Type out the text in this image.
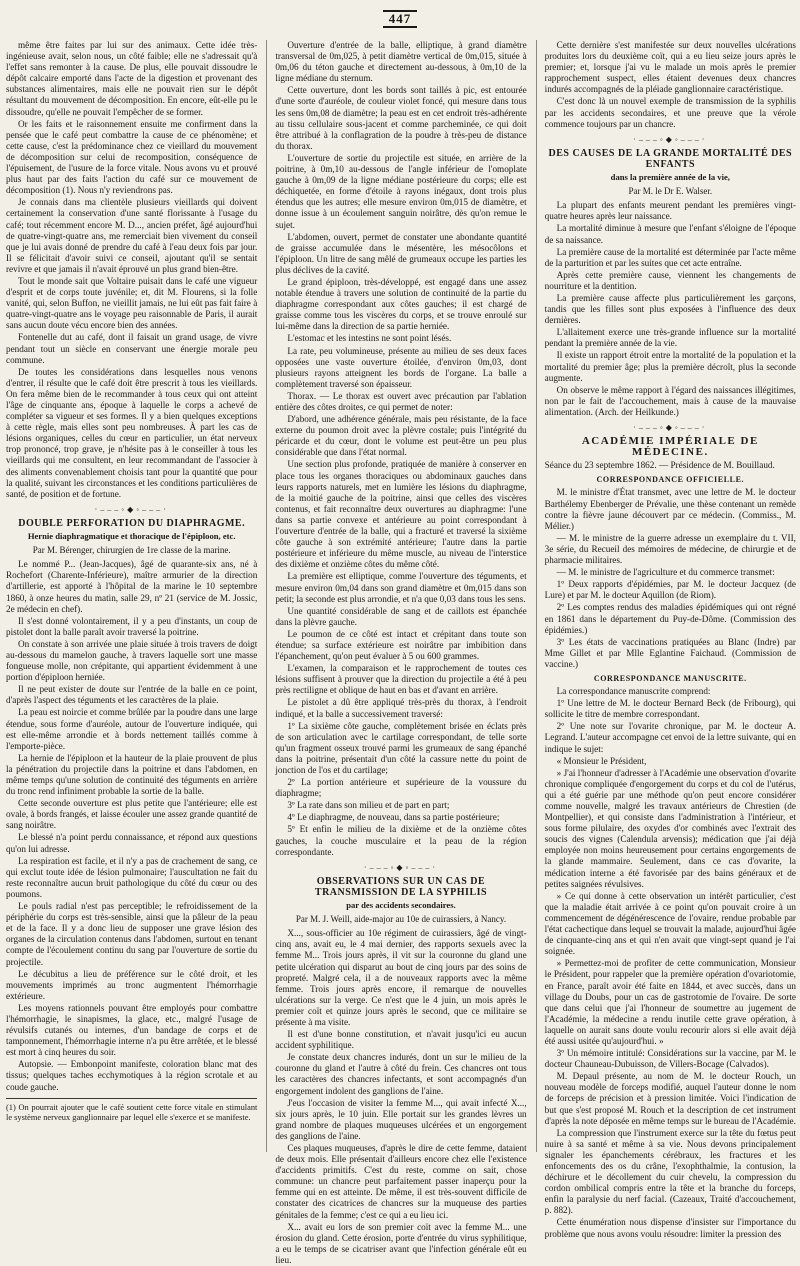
447

même être faites par lui sur des animaux. Cette idée très-ingénieuse avait, selon nous, un côté faible; elle ne s'adressait qu'à l'effet sans remonter à la cause. De plus, elle pouvait dissoudre le dépôt calcaire emporté dans l'acte de la digestion et provenant des substances alimentaires, mais elle ne pouvait rien sur le dépôt résultant du mouvement de décomposition. En encore, eût-elle pu le dissoudre, qu'elle ne pouvait l'empêcher de se former.

Or les faits et le raisonnement ensuite me confirment dans la pensée que le café peut combattre la cause de ce phénomène; et cette cause, c'est la prédominance chez ce vieillard du mouvement de décomposition sur celui de recomposition, conséquence de l'épuisement, de l'usure de la force vitale. Nous avons vu et prouvé plus haut par des faits l'action du café sur ce mouvement de décomposition (1). Nous n'y reviendrons pas.

Je connais dans ma clientèle plusieurs vieillards qui doivent certainement la conservation d'une santé florissante à l'usage du café; tout récemment encore M. D..., ancien préfet, âgé aujourd'hui de quatre-vingt-quatre ans, me remerciait bien vivement du conseil que je lui avais donné de prendre du café à l'eau deux fois par jour. Il se félicitait d'avoir suivi ce conseil, ajoutant qu'il se sentait revivre et que jamais il n'avait éprouvé un plus grand bien-être.

Tout le monde sait que Voltaire puisait dans le café une vigueur d'esprit et de corps toute juvénile; et, dit M. Flourens, si la folle vanité, qui, selon Buffon, ne vieillit jamais, ne lui eût pas fait faire à quatre-vingt-quatre ans le voyage peu raisonnable de Paris, il aurait sans aucun doute vécu encore bien des années.

Fontenelle dut au café, dont il faisait un grand usage, de vivre pendant tout un siècle en conservant une énergie morale peu commune.

De toutes les considérations dans lesquelles nous venons d'entrer, il résulte que le café doit être prescrit à tous les vieillards. On fera même bien de le recommander à tous ceux qui ont atteint l'âge de cinquante ans, époque à laquelle le corps a achevé de compléter sa vigueur et ses formes. Il y a bien quelques exceptions à cette règle, mais elles sont peu nombreuses. À part les cas de lésions organiques, celles du cœur en particulier, un état nerveux trop prononcé, trop grave, je n'hésite pas à le conseiller à tous les vieillards qui me consultent, en leur recommandant de l'associer à des aliments convenablement choisis tant pour la quantité que pour la qualité, suivant les circonstances et les conditions particulières de santé, de position et de fortune.

·‒‒‒◦◆◦‒‒‒·
DOUBLE PERFORATION DU DIAPHRAGME.
Hernie diaphragmatique et thoracique de l'épiploon, etc.
Par M. Bérenger, chirurgien de 1re classe de la marine.

Le nommé P... (Jean-Jacques), âgé de quarante-six ans, né à Rochefort (Charente-Inférieure), maître armurier de la direction d'artillerie, est apporté à l'hôpital de la marine le 10 septembre 1860, à onze heures du matin, salle 29, nº 21 (service de M. Jossic, 2e médecin en chef).

Il s'est donné volontairement, il y a peu d'instants, un coup de pistolet dont la balle paraît avoir traversé la poitrine.

On constate à son arrivée une plaie située à trois travers de doigt au-dessous du mamelon gauche, à travers laquelle sort une masse fongueuse molle, non crépitante, qui appartient évidemment à une portion d'épiploon herniée.

Il ne peut exister de doute sur l'entrée de la balle en ce point, d'après l'aspect des téguments et les caractères de la plaie.

La peau est noircie et comme brûlée par la poudre dans une large étendue, sous forme d'auréole, autour de l'ouverture indiquée, qui est elle-même arrondie et à bords nettement taillés comme à l'emporte-pièce.

La hernie de l'épiploon et la hauteur de la plaie prouvent de plus la pénétration du projectile dans la poitrine et dans l'abdomen, en même temps qu'une solution de continuité des téguments en arrière du tronc rend infiniment probable la sortie de la balle.

Cette seconde ouverture est plus petite que l'antérieure; elle est ovale, à bords frangés, et laisse écouler une assez grande quantité de sang noirâtre.

Le blessé n'a point perdu connaissance, et répond aux questions qu'on lui adresse.

La respiration est facile, et il n'y a pas de crachement de sang, ce qui exclut toute idée de lésion pulmonaire; l'auscultation ne fait du reste reconnaître aucun bruit pathologique du côté du cœur ou des poumons.

Le pouls radial n'est pas perceptible; le refroidissement de la périphérie du corps est très-sensible, ainsi que la pâleur de la peau et de la face. Il y a donc lieu de supposer une grave lésion des organes de la circulation contenus dans l'abdomen, surtout en tenant compte de l'écoulement continu du sang par l'ouverture de sortie du projectile.

Le décubitus a lieu de préférence sur le côté droit, et les mouvements imprimés au tronc augmentent l'hémorrhagie extérieure.

Les moyens rationnels pouvant être employés pour combattre l'hémorrhagie, le sinapismes, la glace, etc., malgré l'usage de révulsifs cutanés ou internes, d'un bandage de corps et de tamponnement, l'hémorrhagie interne n'a pu être arrêtée, et le blessé est mort à cinq heures du soir.

Autopsie. — Embonpoint manifeste, coloration blanc mat des tissus; quelques taches ecchymotiques à la région scrotale et au coude gauche.

(1) On pourrait ajouter que le café soutient cette force vitale en stimulant le système nerveux ganglionnaire par lequel elle s'exerce et se manifeste.

Ouverture d'entrée de la balle, elliptique, à grand diamètre transversal de 0m,025, à petit diamètre vertical de 0m,015, située à 0m,06 du téton gauche et directement au-dessous, à 0m,10 de la ligne médiane du sternum.

Cette ouverture, dont les bords sont taillés à pic, est entourée d'une sorte d'auréole, de couleur violet foncé, qui mesure dans tous les sens 0m,08 de diamètre; la peau est en cet endroit très-adhérente au tissu cellulaire sous-jacent et comme parcheminée, ce qui doit être attribué à la conflagration de la poudre à très-peu de distance du thorax.

L'ouverture de sortie du projectile est située, en arrière de la poitrine, à 0m,10 au-dessous de l'angle inférieur de l'omoplate gauche à 0m,09 de la ligne médiane postérieure du corps; elle est déchiquetée, en forme d'étoile à rayons inégaux, dont trois plus étendus que les autres; elle mesure environ 0m,015 de diamètre, et donne issue à un écoulement sanguin noirâtre, dès qu'on remue le sujet.

L'abdomen, ouvert, permet de constater une abondante quantité de graisse accumulée dans le mésentère, les mésocôlons et l'épiploon. Un litre de sang mêlé de grumeaux occupe les parties les plus déclives de la cavité.

Le grand épiploon, très-développé, est engagé dans une assez notable étendue à travers une solution de continuité de la partie du diaphragme correspondant aux côtes gauches; il est chargé de graisse comme tous les viscères du corps, et se trouve enroulé sur lui-même dans la direction de sa partie herniée.

L'estomac et les intestins ne sont point lésés.

La rate, peu volumineuse, présente au milieu de ses deux faces opposées une vaste ouverture étoilée, d'environ 0m,03, dont plusieurs rayons atteignent les bords de l'organe. La balle a complètement traversé son épaisseur.

Thorax. — Le thorax est ouvert avec précaution par l'ablation entière des côtes droites, ce qui permet de noter:

D'abord, une adhérence générale, mais peu résistante, de la face externe du poumon droit avec la plèvre costale; puis l'intégrité du péricarde et du cœur, dont le volume est peut-être un peu plus considérable que dans l'état normal.

Une section plus profonde, pratiquée de manière à conserver en place tous les organes thoraciques ou abdominaux gauches dans leurs rapports naturels, met en lumière les lésions du diaphragme, de la moitié gauche de la poitrine, ainsi que celles des viscères contenus, et fait reconnaître deux ouvertures au diaphragme: l'une dans sa partie convexe et antérieure au point correspondant à l'ouverture d'entrée de la balle, qui a fracturé et traversé la sixième côte gauche à son extrémité antérieure; l'autre dans la partie postérieure et inférieure du même muscle, au niveau de l'interstice des dixième et onzième côtes du même côté.

La première est elliptique, comme l'ouverture des téguments, et mesure environ 0m,04 dans son grand diamètre et 0m,015 dans son petit; la seconde est plus arrondie, et n'a que 0,03 dans tous les sens.

Une quantité considérable de sang et de caillots est épanchée dans la plèvre gauche.

Le poumon de ce côté est intact et crépitant dans toute son étendue; sa surface extérieure est noirâtre par imbibition dans l'épanchement, qu'on peut évaluer à 5 ou 600 grammes.

L'examen, la comparaison et le rapprochement de toutes ces lésions suffisent à prouver que la direction du projectile a été à peu près rectiligne et oblique de haut en bas et d'avant en arrière.

Le pistolet a dû être appliqué très-près du thorax, à l'endroit indiqué, et la balle a successivement traversé:

1º La sixième côte gauche, complètement brisée en éclats près de son articulation avec le cartilage correspondant, de telle sorte qu'un fragment osseux trouvé parmi les grumeaux de sang épanché dans la poitrine, présentait d'un côté la cassure nette du point de jonction de l'os et du cartilage;

2º La portion antérieure et supérieure de la voussure du diaphragme;

3º La rate dans son milieu et de part en part;

4º Le diaphragme, de nouveau, dans sa partie postérieure;

5º Et enfin le milieu de la dixième et de la onzième côtes gauches, la couche musculaire et la peau de la région correspondante.

·‒‒‒◦◆◦‒‒‒·
OBSERVATIONS SUR UN CAS DE TRANSMISSION DE LA SYPHILIS
par des accidents secondaires.
Par M. J. Weill, aide-major au 10e de cuirassiers, à Nancy.

X..., sous-officier au 10e régiment de cuirassiers, âgé de vingt-cinq ans, avait eu, le 4 mai dernier, des rapports sexuels avec la femme M... Trois jours après, il vit sur la couronne du gland une petite ulcération qui disparut au bout de cinq jours par des soins de propreté. Malgré cela, il a de nouveaux rapports avec la même femme. Trois jours après encore, il remarque de nouvelles ulcérations sur la verge. Ce n'est que le 4 juin, un mois après le premier coït et quinze jours après le second, que ce militaire se présente à ma visite.

Il est d'une bonne constitution, et n'avait jusqu'ici eu aucun accident syphilitique.

Je constate deux chancres indurés, dont un sur le milieu de la couronne du gland et l'autre à côté du frein. Ces chancres ont tous les caractères des chancres infectants, et sont accompagnés d'un engorgement indolent des ganglions de l'aine.

J'eus l'occasion de visiter la femme M..., qui avait infecté X..., six jours après, le 10 juin. Elle portait sur les grandes lèvres un grand nombre de plaques muqueuses ulcérées et un engorgement des ganglions de l'aine.

Ces plaques muqueuses, d'après le dire de cette femme, dataient de deux mois. Elle présentait d'ailleurs encore chez elle l'existence d'accidents primitifs. C'est du reste, comme on sait, chose commune: un chancre peut parfaitement passer inaperçu pour la femme qui en est atteinte. De même, il est très-souvent difficile de constater des cicatrices de chancres sur la muqueuse des parties génitales de la femme; c'est ce qui a eu lieu ici.

X... avait eu lors de son premier coït avec la femme M... une érosion du gland. Cette érosion, porte d'entrée du virus syphilitique, a eu le temps de se cicatriser avant que l'infection générale eût eu lieu.

Cette dernière s'est manifestée sur deux nouvelles ulcérations produites lors du deuxième coït, qui a eu lieu seize jours après le premier; et, lorsque j'ai vu le malade un mois après le premier rapprochement suspect, elles étaient devenues deux chancres indurés accompagnés de la pléiade ganglionnaire caractéristique.

C'est donc là un nouvel exemple de transmission de la syphilis par les accidents secondaires, et une preuve que la vérole commence toujours par un chancre.

·‒‒‒◦◆◦‒‒‒·
DES CAUSES DE LA GRANDE MORTALITÉ DES ENFANTS
dans la première année de la vie,
Par M. le Dr E. Walser.

La plupart des enfants meurent pendant les premières vingt-quatre heures après leur naissance.

La mortalité diminue à mesure que l'enfant s'éloigne de l'époque de sa naissance.

La première cause de la mortalité est déterminée par l'acte même de la parturition et par les suites que cet acte entraîne.

Après cette première cause, viennent les changements de nourriture et la dentition.

La première cause affecte plus particulièrement les garçons, tandis que les filles sont plus exposées à l'influence des deux dernières.

L'allaitement exerce une très-grande influence sur la mortalité pendant la première année de la vie.

Il existe un rapport étroit entre la mortalité de la population et la mortalité du premier âge; plus la première décroît, plus la seconde augmente.

On observe le même rapport à l'égard des naissances illégitimes, non par le fait de l'accouchement, mais à cause de la mauvaise alimentation. (Arch. der Heilkunde.)

·‒‒‒◦◆◦‒‒‒·
ACADÉMIE IMPÉRIALE DE MÉDECINE.

Séance du 23 septembre 1862. — Présidence de M. Bouillaud.

CORRESPONDANCE OFFICIELLE.

M. le ministre d'État transmet, avec une lettre de M. le docteur Barthélemy Ebenberger de Prévalie, une thèse contenant un remède contre la fièvre jaune découvert par ce médecin. (Commiss., M. Mélier.)

— M. le ministre de la guerre adresse un exemplaire du t. VII, 3e série, du Recueil des mémoires de médecine, de chirurgie et de pharmacie militaires.

— M. le ministre de l'agriculture et du commerce transmet:

1º Deux rapports d'épidémies, par M. le docteur Jacquez (de Lure) et par M. le docteur Aquillon (de Riom).

2º Les comptes rendus des maladies épidémiques qui ont régné en 1861 dans le département du Puy-de-Dôme. (Commission des épidémies.)

3º Les états de vaccinations pratiquées au Blanc (Indre) par Mme Gillet et par Mlle Eglantine Faichaud. (Commission de vaccine.)

CORRESPONDANCE MANUSCRITE.

La correspondance manuscrite comprend:

1º Une lettre de M. le docteur Bernard Beck (de Fribourg), qui sollicite le titre de membre correspondant.

2º Une note sur l'ovarite chronique, par M. le docteur A. Legrand. L'auteur accompagne cet envoi de la lettre suivante, qui en indique le sujet:

« Monsieur le Président,

» J'ai l'honneur d'adresser à l'Académie une observation d'ovarite chronique compliquée d'engorgement du corps et du col de l'utérus, qui a été guérie par une méthode qu'on peut encore considérer comme nouvelle, malgré les travaux antérieurs de Chrestien (de Montpellier), et qui consiste dans l'administration à l'intérieur, et sous forme pilulaire, des oxydes d'or combinés avec l'extrait des soucis des vignes (Calendula arvensis); médication que j'ai déjà employée non moins heureusement pour certains engorgements de la glande mammaire. Seulement, dans ce cas d'ovarite, la médication interne a été favorisée par des bains généraux et de petites saignées révulsives.

» Ce qui donne à cette observation un intérêt particulier, c'est que la maladie était arrivée à ce point qu'on pouvait croire à un commencement de dégénérescence de l'ovaire, rendue probable par l'état cachectique dans lequel se trouvait la malade, aujourd'hui âgée de cinquante-cinq ans et qui n'en avait que vingt-sept quand je l'ai soignée.

» Permettez-moi de profiter de cette communication, Monsieur le Président, pour rappeler que la première opération d'ovariotomie, en France, paraît avoir été faite en 1844, et avec succès, dans un village du Doubs, pour un cas de gastrotomie de l'ovaire. De sorte que dans celui que j'ai l'honneur de soumettre au jugement de l'Académie, la médecine a rendu inutile cette grave opération, à laquelle on aurait sans doute voulu recourir alors si elle avait déjà été aussi usitée qu'aujourd'hui. »

3º Un mémoire intitulé: Considérations sur la vaccine, par M. le docteur Chauneau-Dubuisson, de Villers-Bocage (Calvados).

M. Depaul présente, au nom de M. le docteur Rouch, un nouveau modèle de forceps modifié, auquel l'auteur donne le nom de forceps de précision et à pression limitée. Voici l'indication de but que s'est proposé M. Rouch et la description de cet instrument d'après la note déposée en même temps sur le bureau de l'Académie.

La compression que l'instrument exerce sur la tête du fœtus peut nuire à sa santé et même à sa vie. Nous devons principalement signaler les épanchements cérébraux, les fractures et les enfoncements des os du crâne, l'exophthalmie, la contusion, la déchirure et le décollement du cuir chevelu, la compression du cordon ombilical compris entre la tête et la branche du forceps, enfin la paralysie du nerf facial. (Cazeaux, Traité d'accouchement, p. 882).

Cette énumération nous dispense d'insister sur l'importance du problème que nous avons voulu résoudre: limiter la pression des
